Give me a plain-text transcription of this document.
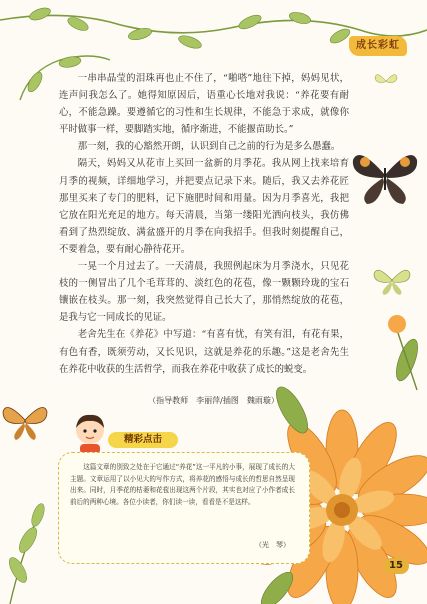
成长彩虹

一串串晶莹的泪珠再也止不住了，“啪嗒”地往下掉，妈妈见状，连声问我怎么了。她得知原因后，语重心长地对我说：“养花要有耐心，不能急躁。要遵循它的习性和生长规律，不能急于求成，就像你平时做事一样，要脚踏实地，循序渐进，不能揠苗助长。”

那一刻，我的心豁然开朗，认识到自己之前的行为是多么愚蠢。

隔天，妈妈又从花市上买回一盆新的月季花。我从网上找来培育月季的视频，详细地学习，并把要点记录下来。随后，我又去养花匠那里买来了专门的肥料，记下施肥时间和用量。因为月季喜光，我把它放在阳光充足的地方。每天清晨，当第一缕阳光洒向枝头，我仿佛看到了热烈绽放、满盆盛开的月季在向我招手。但我时刻提醒自己，不要着急，要有耐心静待花开。

一晃一个月过去了。一天清晨，我照例起床为月季浇水，只见花枝的一侧冒出了几个毛茸茸的、淡红色的花苞，像一颗颗玲珑的宝石镶嵌在枝头。那一刻，我突然觉得自己长大了，那悄然绽放的花苞，是我与它一同成长的见证。

老舍先生在《养花》中写道：“有喜有忧，有笑有泪，有花有果，有色有香，既须劳动，又长见识，这就是养花的乐趣。”这是老舍先生在养花中收获的生活哲学，而我在养花中收获了成长的蜕变。

（指导教师　李丽萍/插图　魏雨璇）
精彩点击

这篇文章的别致之处在于它通过“养花”这一平凡的小事，展现了成长的大主题。文章运用了以小见大的写作方式，将养花的感悟与成长的哲思自然呈现出来。同时，月季花的枯萎和花苞出现这两个片段，其实也对应了小作者成长前后的两种心境。各位小读者，你们读一读，看看是不是这样。

（光　琴）
15
